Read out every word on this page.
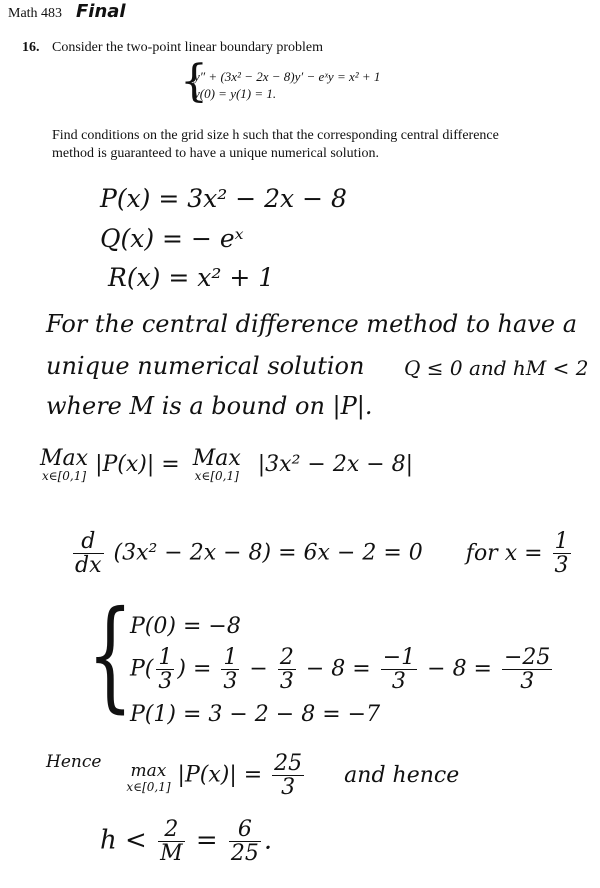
Math 483 Final
16. Consider the two-point linear boundary problem
{
y″ + (3x² − 2x − 8)y′ − eˣy = x² + 1
y(0) = y(1) = 1.
Find conditions on the grid size h such that the corresponding central difference
method is guaranteed to have a unique numerical solution.
P(x) = 3x² − 2x − 8
Q(x) = − eˣ
R(x) = x² + 1
For the central difference method to have a
unique numerical solution Q ≤ 0 and hM < 2
where M is a bound on |P|.
Max
x∈[0,1] |P(x)| = Max
x∈[0,1] |3x² − 2x − 8|
$\frac{d}{dx} (3x^2 - 2x - 8) = 6x - 2 = 0$ for $x = \frac{1}{3}$
{
P(0) = −8
$P( \frac{1}{3}$ ) = $\frac{1}{3} - \frac{2}{3} - 8 = \frac{-1}{3} - 8 = \frac{-25}{3}$
P(1) = 3 − 2 − 8 = −7
$^{Hence}$ max
x∈[0,1] $|P(x)| = \frac{25}{3}$ and hence
$h < \frac{2}{M} = \frac{6}{25}$ .
